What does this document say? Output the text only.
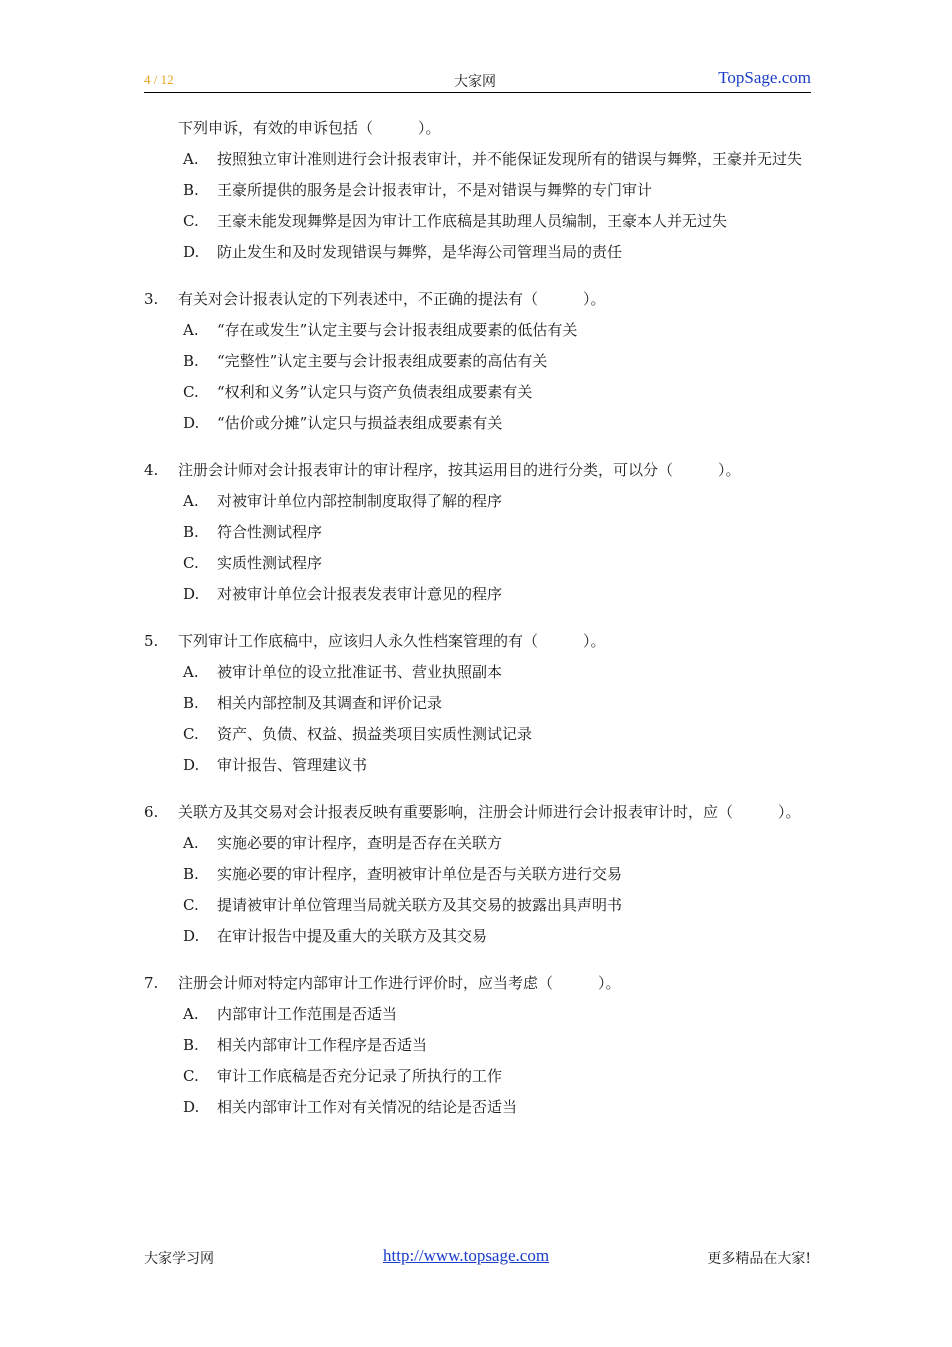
4 / 12	大家网	TopSage.com
下列申诉，有效的申诉包括（　　　）。
A. 按照独立审计准则进行会计报表审计，并不能保证发现所有的错误与舞弊，王豪并无过失
B. 王豪所提供的服务是会计报表审计，不是对错误与舞弊的专门审计
C. 王豪未能发现舞弊是因为审计工作底稿是其助理人员编制，王豪本人并无过失
D. 防止发生和及时发现错误与舞弊，是华海公司管理当局的责任
3. 有关对会计报表认定的下列表述中，不正确的提法有（　　　）。
A. “存在或发生”认定主要与会计报表组成要素的低估有关
B. “完整性”认定主要与会计报表组成要素的高估有关
C. “权利和义务”认定只与资产负债表组成要素有关
D. “估价或分摊”认定只与损益表组成要素有关
4. 注册会计师对会计报表审计的审计程序，按其运用目的进行分类，可以分（　　　）。
A. 对被审计单位内部控制制度取得了解的程序
B. 符合性测试程序
C. 实质性测试程序
D. 对被审计单位会计报表发表审计意见的程序
5. 下列审计工作底稿中，应该归人永久性档案管理的有（　　　）。
A. 被审计单位的设立批准证书、营业执照副本
B. 相关内部控制及其调查和评价记录
C. 资产、负债、权益、损益类项目实质性测试记录
D. 审计报告、管理建议书
6. 关联方及其交易对会计报表反映有重要影响，注册会计师进行会计报表审计时，应（　　　）。
A. 实施必要的审计程序，查明是否存在关联方
B. 实施必要的审计程序，查明被审计单位是否与关联方进行交易
C. 提请被审计单位管理当局就关联方及其交易的披露出具声明书
D. 在审计报告中提及重大的关联方及其交易
7. 注册会计师对特定内部审计工作进行评价时，应当考虑（　　　）。
A. 内部审计工作范围是否适当
B. 相关内部审计工作程序是否适当
C. 审计工作底稿是否充分记录了所执行的工作
D. 相关内部审计工作对有关情况的结论是否适当
大家学习网	http://www.topsage.com	更多精品在大家!
